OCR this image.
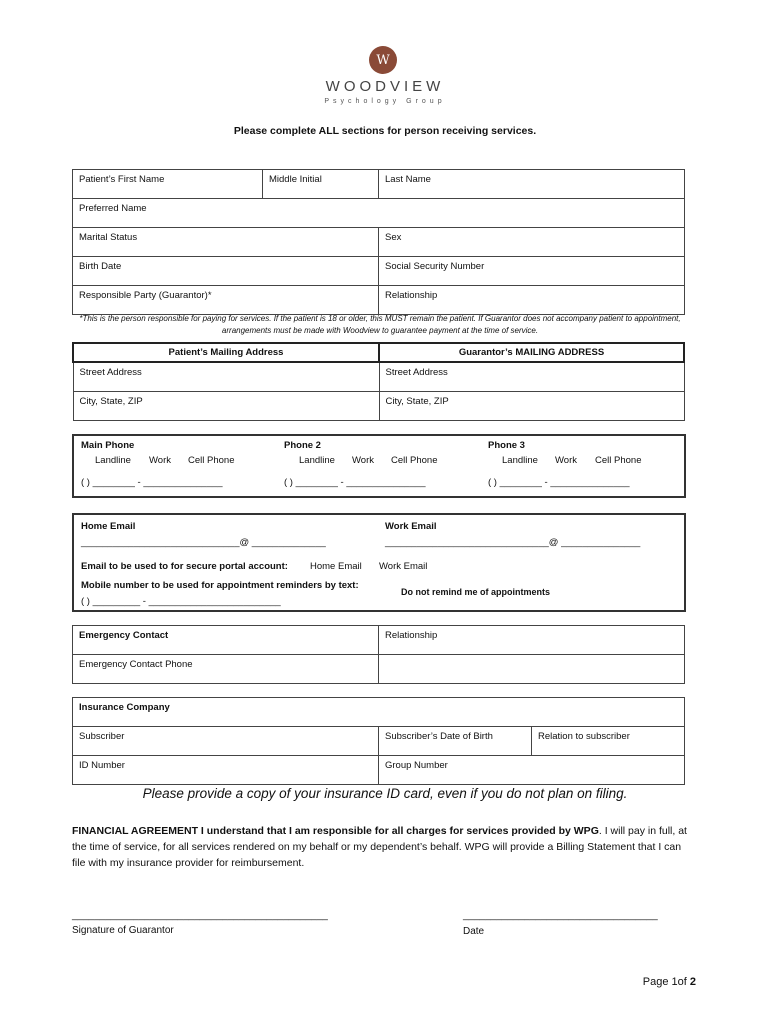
W
WOODVIEW
Psychology Group
Please complete ALL sections for person receiving services.
Patient’s First Name	Middle Initial	Last Name
Preferred Name		
Marital Status		Sex
Birth Date		Social Security Number
Responsible Party (Guarantor)*		Relationship
*This is the person responsible for paying for services. If the patient is 18 or older, this MUST remain the patient. If Guarantor does not accompany patient to appointment, arrangements must be made with Woodview to guarantee payment at the time of service.
Patient’s Mailing Address	Guarantor’s MAILING ADDRESS
Street Address	Street Address
City, State, ZIP	City, State, ZIP
Main Phone
Landline Work Cell Phone
( ) ________ - _______________
Phone 2
Landline Work Cell Phone
( ) ________ - _______________
Phone 3
Landline Work Cell Phone
( ) ________ - _______________
Home Email
______________________________@ ______________
Work Email
_______________________________@ _______________
Email to be used to for secure portal account: Home Email Work Email
Mobile number to be used for appointment reminders by text:
( ) _________ - _________________________
Do not remind me of appointments
Emergency Contact	Relationship
Emergency Contact Phone	
Insurance Company		
Subscriber	Subscriber’s Date of Birth	Relation to subscriber
ID Number	Group Number	
Please provide a copy of your insurance ID card, even if you do not plan on filing.
FINANCIAL AGREEMENT I understand that I am responsible for all charges for services provided by WPG. I will pay in full, at the time of service, for all services rendered on my behalf or my dependent’s behalf. WPG will provide a Billing Statement that I can file with my insurance provider for reimbursement.
______________________________________________
Signature of Guarantor
___________________________________
Date
Page 1of 2
